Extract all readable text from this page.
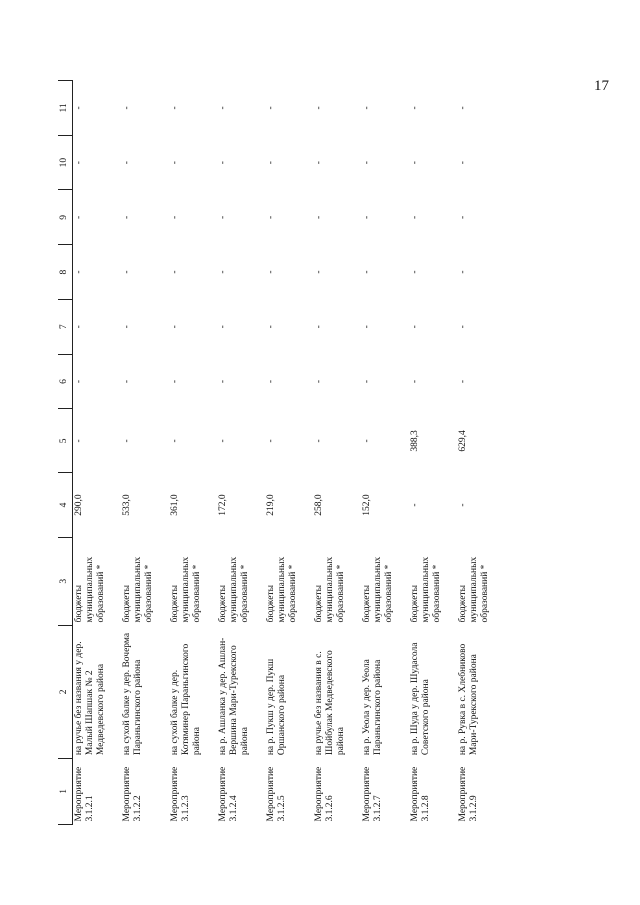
17
1	2	3	4	5	6	7	8	9	10	11
Мероприятие 3.1.2.1	на ручье без названия у дер. Малый Шапшак № 2 Медведевского района	бюджеты муниципальных образований *	290,0	-	-	-	-	-	-	-
Мероприятие 3.1.2.2	на сухой балке у дер. Вочерма Параньгинского района	бюджеты муниципальных образований *	533,0	-	-	-	-	-	-	-
Мероприятие 3.1.2.3	на сухой балке у дер. Котяминер Параньгинского района	бюджеты муниципальных образований *	361,0	-	-	-	-	-	-	-
Мероприятие 3.1.2.4	на р. Ашланка у дер. Ашлан-Вершина Мари-Турекского района	бюджеты муниципальных образований *	172,0	-	-	-	-	-	-	-
Мероприятие 3.1.2.5	на р. Пукш у дер. Пукш Оршанского района	бюджеты муниципальных образований *	219,0	-	-	-	-	-	-	-
Мероприятие 3.1.2.6	на ручье без названия в с. Шойбулак Медведевского района	бюджеты муниципальных образований *	258,0	-	-	-	-	-	-	-
Мероприятие 3.1.2.7	на р. Уеола у дер. Уеола Параньгинского района	бюджеты муниципальных образований *	152,0	-	-	-	-	-	-	-
Мероприятие 3.1.2.8	на р. Шуда у дер. Шудасола Советского района	бюджеты муниципальных образований *	-	388,3	-	-	-	-	-	-
Мероприятие 3.1.2.9	на р. Рувка в с. Хлебниково Мари-Турекского района	бюджеты муниципальных образований *	-	629,4	-	-	-	-	-	-
